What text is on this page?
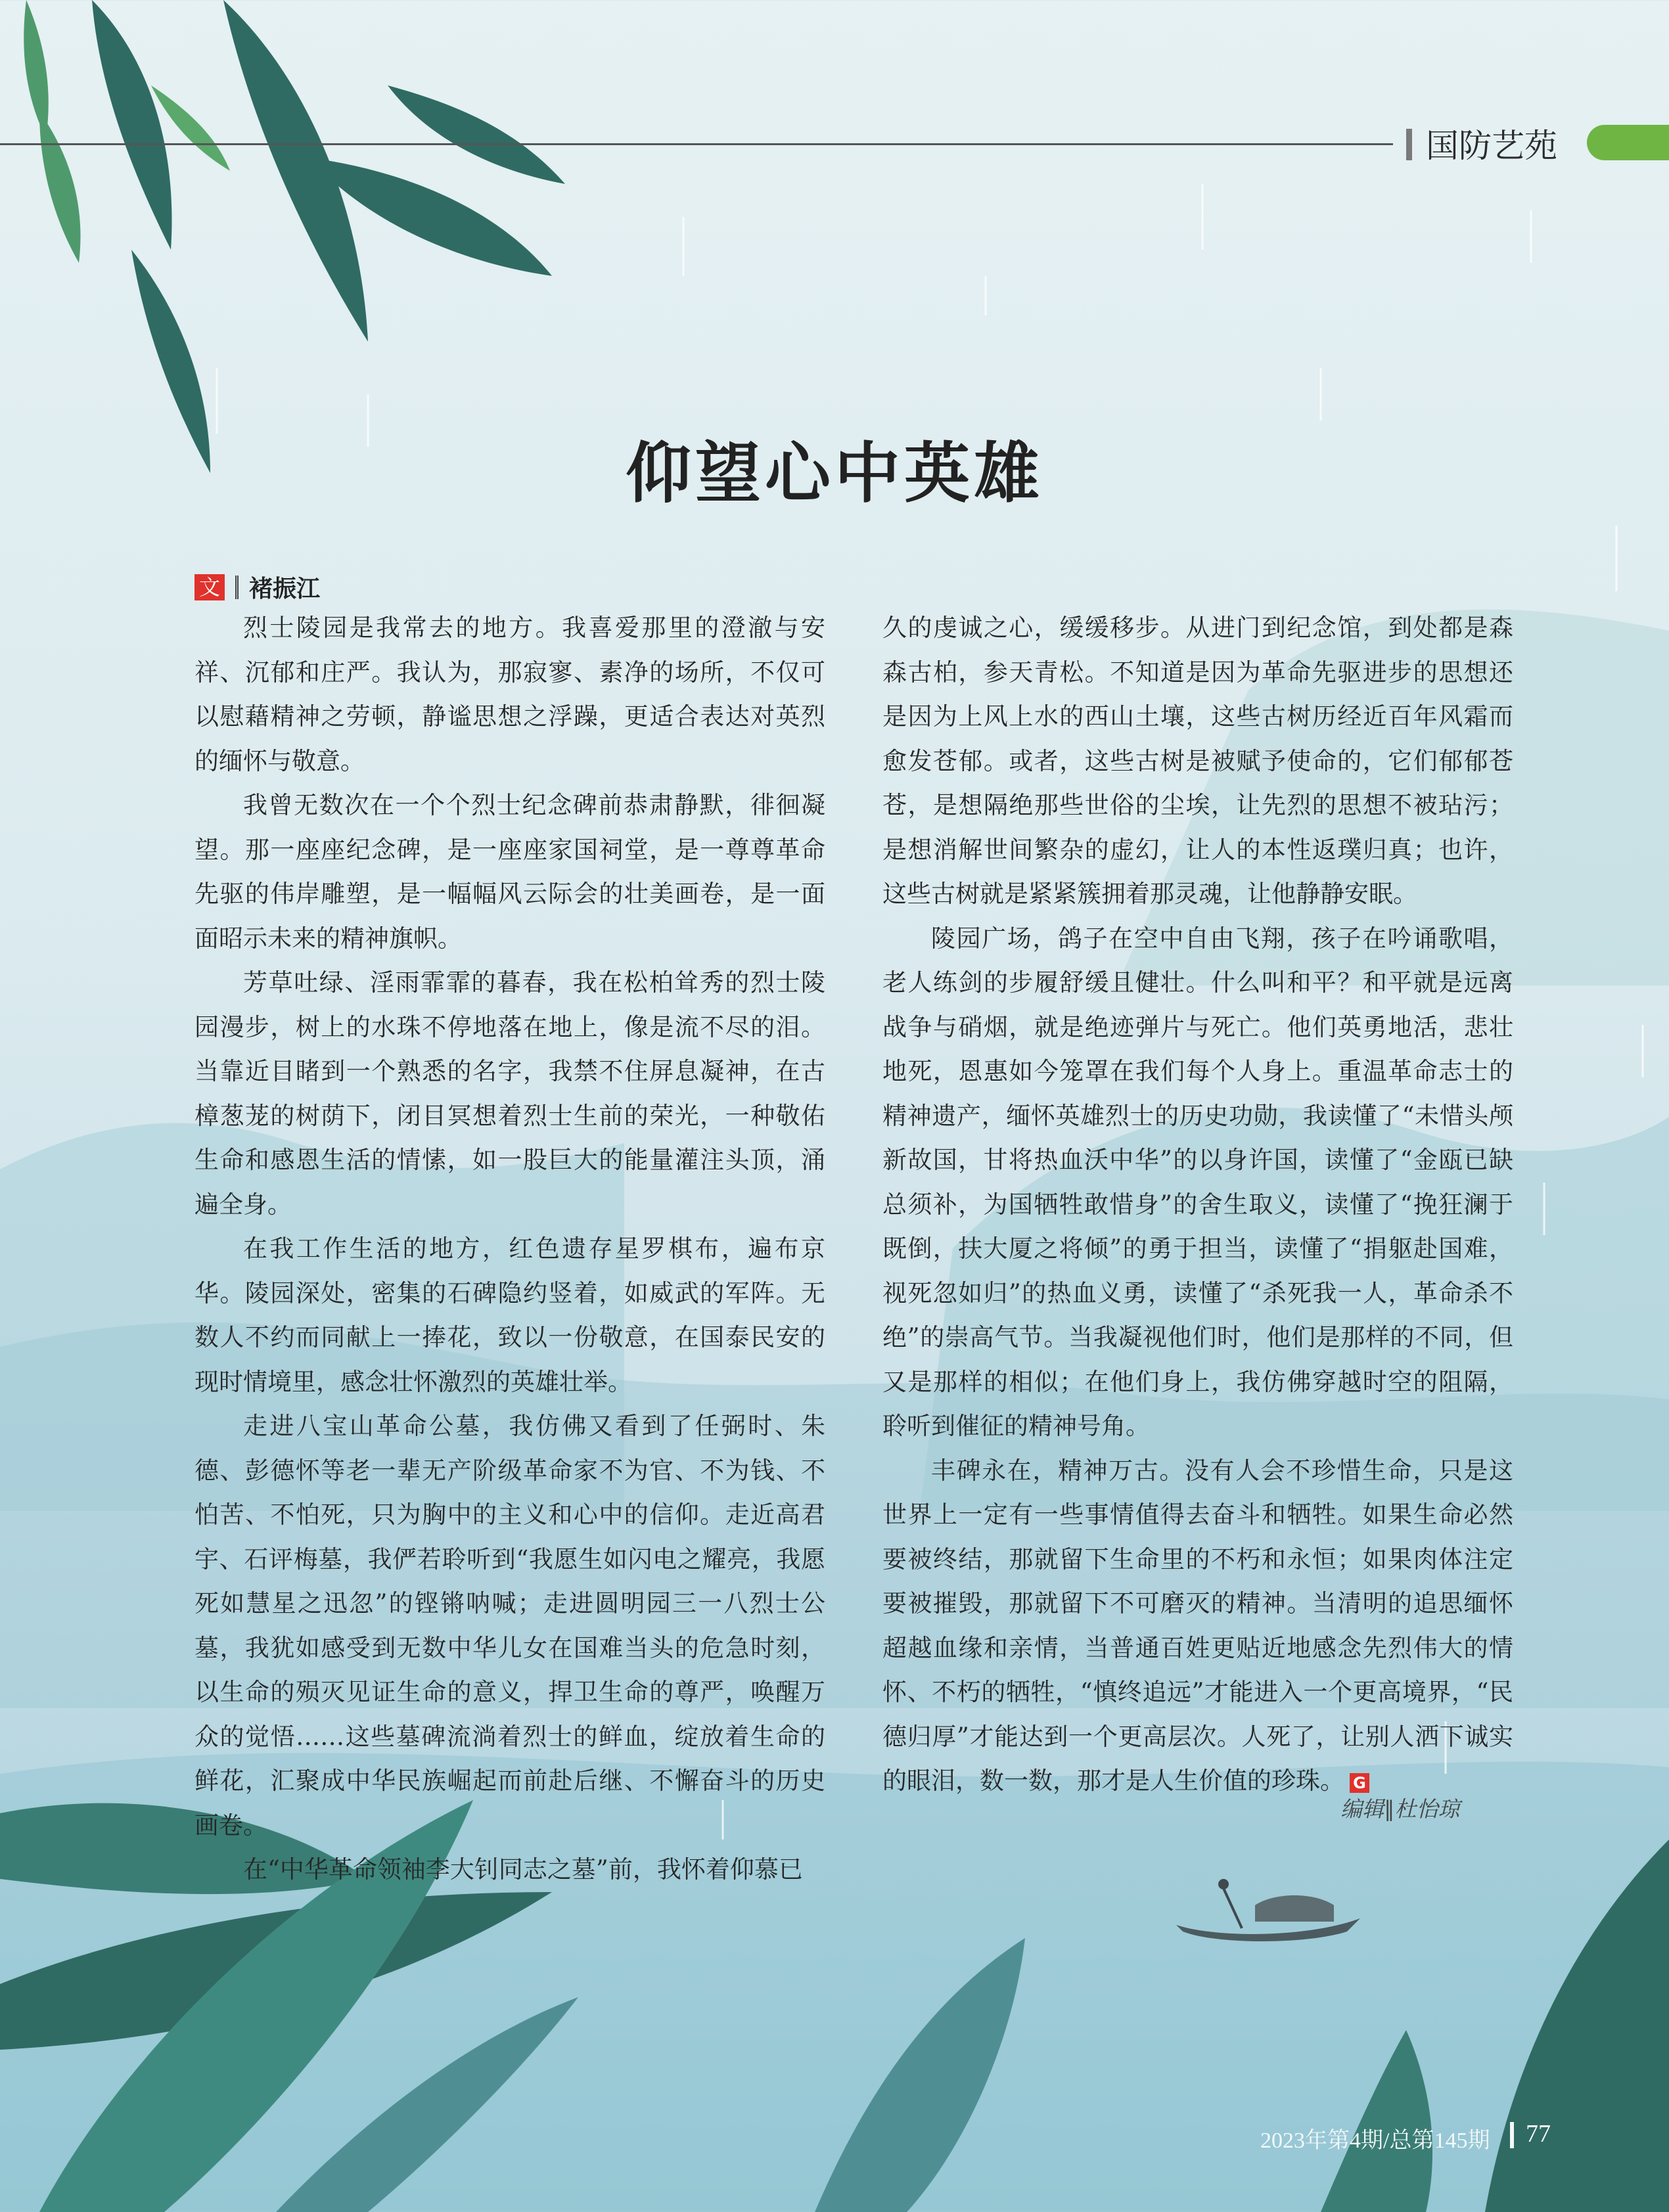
国防艺苑
仰望心中英雄
文 褚振江

烈士陵园是我常去的地方。我喜爱那里的澄澈与安祥、沉郁和庄严。我认为，那寂寥、素净的场所，不仅可以慰藉精神之劳顿，静谧思想之浮躁，更适合表达对英烈的缅怀与敬意。

我曾无数次在一个个烈士纪念碑前恭肃静默，徘徊凝望。那一座座纪念碑，是一座座家国祠堂，是一尊尊革命先驱的伟岸雕塑，是一幅幅风云际会的壮美画卷，是一面面昭示未来的精神旗帜。

芳草吐绿、淫雨霏霏的暮春，我在松柏耸秀的烈士陵园漫步，树上的水珠不停地落在地上，像是流不尽的泪。当靠近目睹到一个熟悉的名字，我禁不住屏息凝神，在古樟葱茏的树荫下，闭目冥想着烈士生前的荣光，一种敬佑生命和感恩生活的情愫，如一股巨大的能量灌注头顶，涌遍全身。

在我工作生活的地方，红色遗存星罗棋布，遍布京华。陵园深处，密集的石碑隐约竖着，如威武的军阵。无数人不约而同献上一捧花，致以一份敬意，在国泰民安的现时情境里，感念壮怀激烈的英雄壮举。

走进八宝山革命公墓，我仿佛又看到了任弼时、朱德、彭德怀等老一辈无产阶级革命家不为官、不为钱、不怕苦、不怕死，只为胸中的主义和心中的信仰。走近高君宇、石评梅墓，我俨若聆听到“我愿生如闪电之耀亮，我愿死如慧星之迅忽”的铿锵呐喊；走进圆明园三一八烈士公墓，我犹如感受到无数中华儿女在国难当头的危急时刻，以生命的殒灭见证生命的意义，捍卫生命的尊严，唤醒万众的觉悟……这些墓碑流淌着烈士的鲜血，绽放着生命的鲜花，汇聚成中华民族崛起而前赴后继、不懈奋斗的历史画卷。

在“中华革命领袖李大钊同志之墓”前，我怀着仰慕已

久的虔诚之心，缓缓移步。从进门到纪念馆，到处都是森森古柏，参天青松。不知道是因为革命先驱进步的思想还是因为上风上水的西山土壤，这些古树历经近百年风霜而愈发苍郁。或者，这些古树是被赋予使命的，它们郁郁苍苍，是想隔绝那些世俗的尘埃，让先烈的思想不被玷污；是想消解世间繁杂的虚幻，让人的本性返璞归真；也许，这些古树就是紧紧簇拥着那灵魂，让他静静安眠。

陵园广场，鸽子在空中自由飞翔，孩子在吟诵歌唱，老人练剑的步履舒缓且健壮。什么叫和平？和平就是远离战争与硝烟，就是绝迹弹片与死亡。他们英勇地活，悲壮地死，恩惠如今笼罩在我们每个人身上。重温革命志士的精神遗产，缅怀英雄烈士的历史功勋，我读懂了“未惜头颅新故国，甘将热血沃中华”的以身许国，读懂了“金瓯已缺总须补，为国牺牲敢惜身”的舍生取义，读懂了“挽狂澜于既倒，扶大厦之将倾”的勇于担当，读懂了“捐躯赴国难，视死忽如归”的热血义勇，读懂了“杀死我一人，革命杀不绝”的崇高气节。当我凝视他们时，他们是那样的不同，但又是那样的相似；在他们身上，我仿佛穿越时空的阻隔，聆听到催征的精神号角。

丰碑永在，精神万古。没有人会不珍惜生命，只是这世界上一定有一些事情值得去奋斗和牺牲。如果生命必然要被终结，那就留下生命里的不朽和永恒；如果肉体注定要被摧毁，那就留下不可磨灭的精神。当清明的追思缅怀超越血缘和亲情，当普通百姓更贴近地感念先烈伟大的情怀、不朽的牺牲，“慎终追远”才能进入一个更高境界，“民德归厚”才能达到一个更高层次。人死了，让别人洒下诚实的眼泪，数一数，那才是人生价值的珍珠。 G

编辑∥杜怡琼
2023年第4期/总第145期 77
